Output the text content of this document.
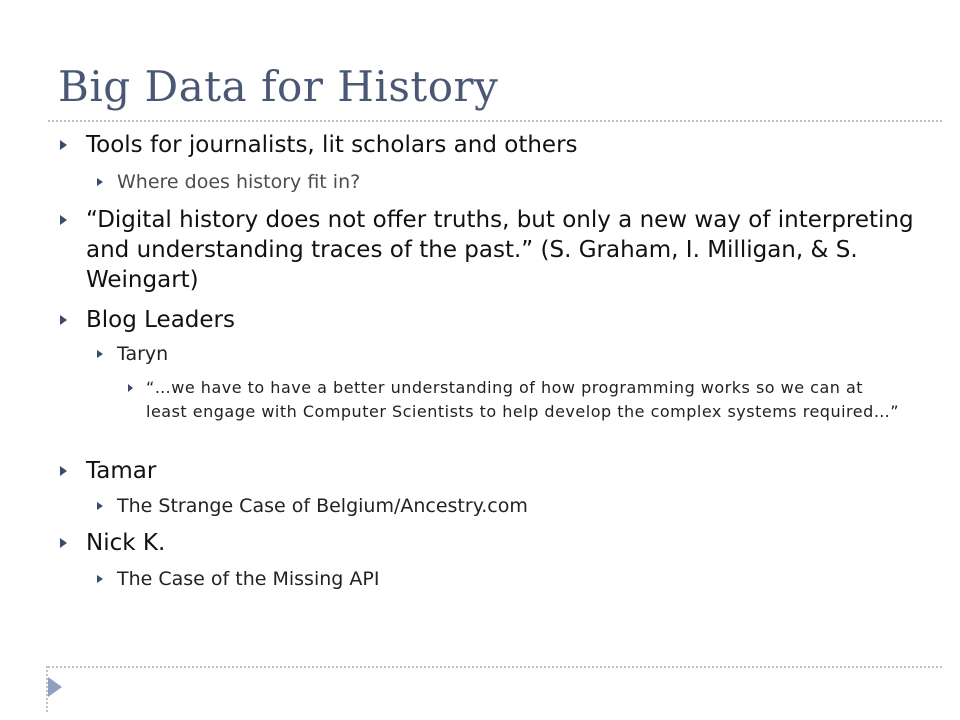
Big Data for History
Tools for journalists, lit scholars and others
Where does history fit in?
“Digital history does not offer truths, but only a new way of interpreting and understanding traces of the past.” (S. Graham, I. Milligan, & S. Weingart)
Blog Leaders
Taryn
“…we have to have a better understanding of how programming works so we can at least engage with Computer Scientists to help develop the complex systems required…”
Tamar
The Strange Case of Belgium/Ancestry.com
Nick K.
The Case of the Missing API
